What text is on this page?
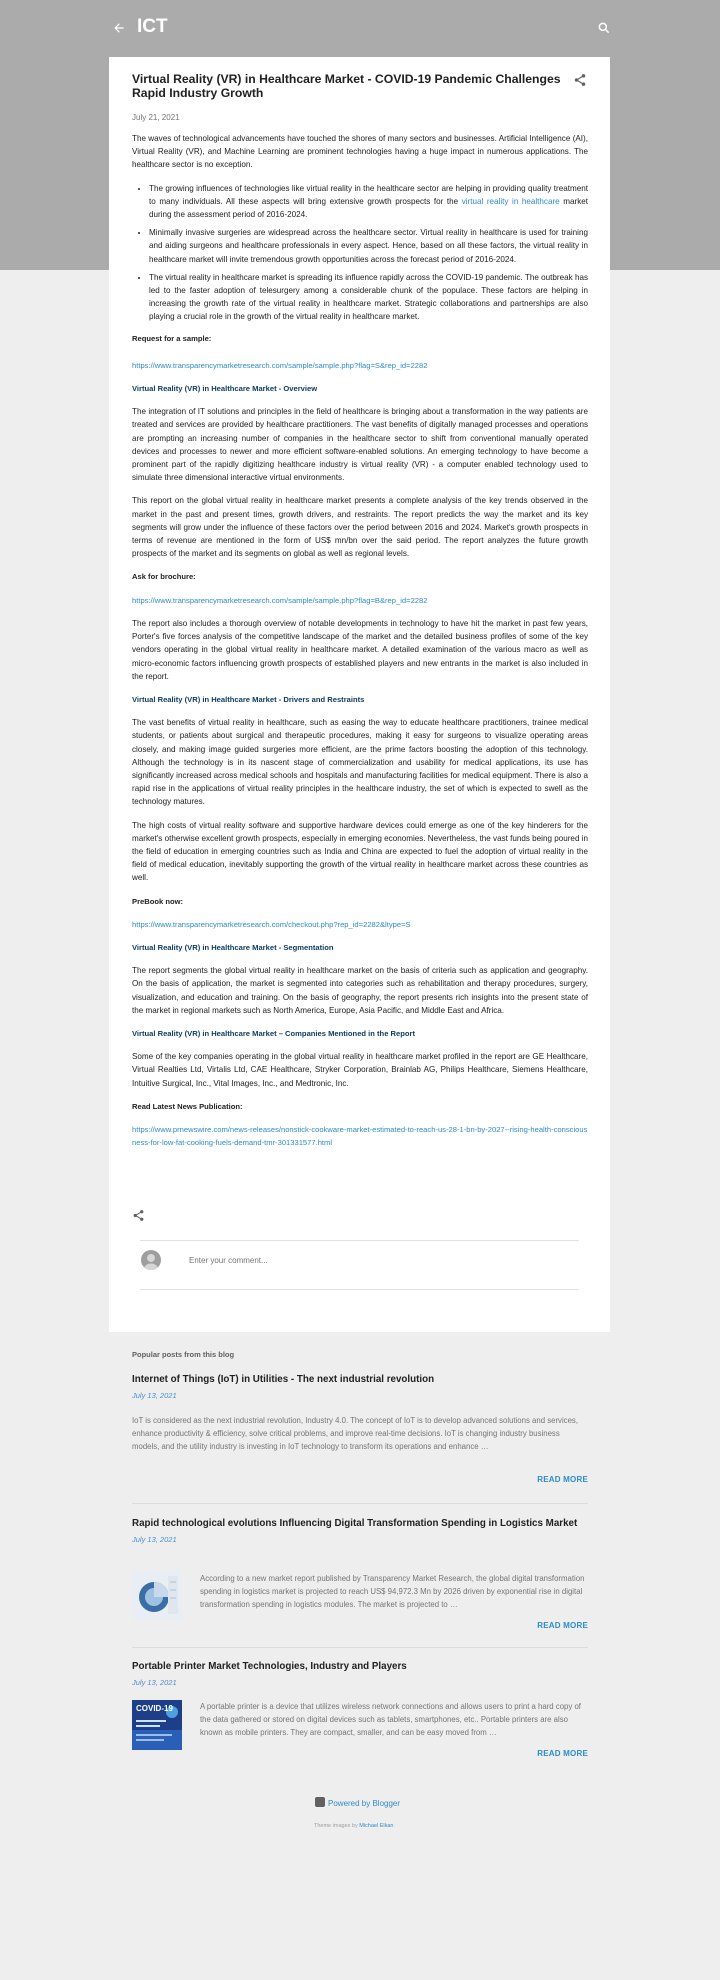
ICT
Virtual Reality (VR) in Healthcare Market - COVID-19 Pandemic Challenges Rapid Industry Growth
July 21, 2021

The waves of technological advancements have touched the shores of many sectors and businesses. Artificial Intelligence (AI), Virtual Reality (VR), and Machine Learning are prominent technologies having a huge impact in numerous applications. The healthcare sector is no exception.

• The growing influences of technologies like virtual reality in the healthcare sector are helping in providing quality treatment to many individuals. All these aspects will bring extensive growth prospects for the virtual reality in healthcare market during the assessment period of 2016-2024.
• Minimally invasive surgeries are widespread across the healthcare sector. Virtual reality in healthcare is used for training and aiding surgeons and healthcare professionals in every aspect. Hence, based on all these factors, the virtual reality in healthcare market will invite tremendous growth opportunities across the forecast period of 2016-2024.
• The virtual reality in healthcare market is spreading its influence rapidly across the COVID-19 pandemic. The outbreak has led to the faster adoption of telesurgery among a considerable chunk of the populace. These factors are helping in increasing the growth rate of the virtual reality in healthcare market. Strategic collaborations and partnerships are also playing a crucial role in the growth of the virtual reality in healthcare market.

Request for a sample:

https://www.transparencymarketresearch.com/sample/sample.php?flag=S&rep_id=2282

Virtual Reality (VR) in Healthcare Market - Overview

The integration of IT solutions and principles in the field of healthcare is bringing about a transformation in the way patients are treated and services are provided by healthcare practitioners. The vast benefits of digitally managed processes and operations are prompting an increasing number of companies in the healthcare sector to shift from conventional manually operated devices and processes to newer and more efficient software-enabled solutions. An emerging technology to have become a prominent part of the rapidly digitizing healthcare industry is virtual reality (VR) - a computer enabled technology used to simulate three dimensional interactive virtual environments.

This report on the global virtual reality in healthcare market presents a complete analysis of the key trends observed in the market in the past and present times, growth drivers, and restraints. The report predicts the way the market and its key segments will grow under the influence of these factors over the period between 2016 and 2024. Market's growth prospects in terms of revenue are mentioned in the form of US$ mn/bn over the said period. The report analyzes the future growth prospects of the market and its segments on global as well as regional levels.

Ask for brochure:

https://www.transparencymarketresearch.com/sample/sample.php?flag=B&rep_id=2282

The report also includes a thorough overview of notable developments in technology to have hit the market in past few years, Porter's five forces analysis of the competitive landscape of the market and the detailed business profiles of some of the key vendors operating in the global virtual reality in healthcare market. A detailed examination of the various macro as well as micro-economic factors influencing growth prospects of established players and new entrants in the market is also included in the report.

Virtual Reality (VR) in Healthcare Market - Drivers and Restraints

The vast benefits of virtual reality in healthcare, such as easing the way to educate healthcare practitioners, trainee medical students, or patients about surgical and therapeutic procedures, making it easy for surgeons to visualize operating areas closely, and making image guided surgeries more efficient, are the prime factors boosting the adoption of this technology. Although the technology is in its nascent stage of commercialization and usability for medical applications, its use has significantly increased across medical schools and hospitals and manufacturing facilities for medical equipment. There is also a rapid rise in the applications of virtual reality principles in the healthcare industry, the set of which is expected to swell as the technology matures.

The high costs of virtual reality software and supportive hardware devices could emerge as one of the key hinderers for the market's otherwise excellent growth prospects, especially in emerging economies. Nevertheless, the vast funds being poured in the field of education in emerging countries such as India and China are expected to fuel the adoption of virtual reality in the field of medical education, inevitably supporting the growth of the virtual reality in healthcare market across these countries as well.

PreBook now:

https://www.transparencymarketresearch.com/checkout.php?rep_id=2282&ltype=S

Virtual Reality (VR) in Healthcare Market - Segmentation

The report segments the global virtual reality in healthcare market on the basis of criteria such as application and geography. On the basis of application, the market is segmented into categories such as rehabilitation and therapy procedures, surgery, visualization, and education and training. On the basis of geography, the report presents rich insights into the present state of the market in regional markets such as North America, Europe, Asia Pacific, and Middle East and Africa.

Virtual Reality (VR) in Healthcare Market – Companies Mentioned in the Report

Some of the key companies operating in the global virtual reality in healthcare market profiled in the report are GE Healthcare, Virtual Realties Ltd, Virtalis Ltd, CAE Healthcare, Stryker Corporation, Brainlab AG, Philips Healthcare, Siemens Healthcare, Intuitive Surgical, Inc., Vital Images, Inc., and Medtronic, Inc.

Read Latest News Publication:

https://www.prnewswire.com/news-releases/nonstick-cookware-market-estimated-to-reach-us-28-1-bn-by-2027--rising-health-consciousness-for-low-fat-cooking-fuels-demand-tmr-301331577.html

Enter your comment...

Popular posts from this blog

Internet of Things (IoT) in Utilities - The next industrial revolution

July 13, 2021
IoT is considered as the next industrial revolution, Industry 4.0. The concept of IoT is to develop advanced solutions and services, enhance productivity & efficiency, solve critical problems, and improve real-time decisions. IoT is changing industry business models, and the utility industry is investing in IoT technology to transform its operations and enhance …
READ MORE

Rapid technological evolutions Influencing Digital Transformation Spending in Logistics Market

July 13, 2021
According to a new market report published by Transparency Market Research, the global digital transformation spending in logistics market is projected to reach US$ 94,972.3 Mn by 2026 driven by exponential rise in digital transformation spending in logistics modules. The market is projected to …
READ MORE

Portable Printer Market Technologies, Industry and Players

July 13, 2021
COVID-19	A portable printer is a device that utilizes wireless network connections and allows users to print a hard copy of the data gathered or stored on digital devices such as tablets, smartphones, etc.. Portable printers are also known as mobile printers. They are compact, smaller, and can be easy moved from …
READ MORE
Powered by Blogger
Theme images by Michael Elkan
